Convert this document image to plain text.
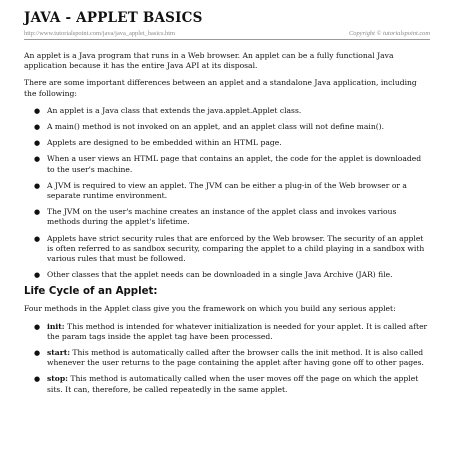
JAVA - APPLET BASICS
http://www.tutorialspoint.com/java/java_applet_basics.htm	Copyright © tutorialspoint.com

An applet is a Java program that runs in a Web browser. An applet can be a fully functional Java application because it has the entire Java API at its disposal.

There are some important differences between an applet and a standalone Java application, including the following:

● An applet is a Java class that extends the java.applet.Applet class.
● A main() method is not invoked on an applet, and an applet class will not define main().
● Applets are designed to be embedded within an HTML page.
● When a user views an HTML page that contains an applet, the code for the applet is downloaded to the user's machine.
● A JVM is required to view an applet. The JVM can be either a plug-in of the Web browser or a separate runtime environment.
● The JVM on the user's machine creates an instance of the applet class and invokes various methods during the applet's lifetime.
● Applets have strict security rules that are enforced by the Web browser. The security of an applet is often referred to as sandbox security, comparing the applet to a child playing in a sandbox with various rules that must be followed.
● Other classes that the applet needs can be downloaded in a single Java Archive (JAR) file.
Life Cycle of an Applet:

Four methods in the Applet class give you the framework on which you build any serious applet:

● init: This method is intended for whatever initialization is needed for your applet. It is called after the param tags inside the applet tag have been processed.
● start: This method is automatically called after the browser calls the init method. It is also called whenever the user returns to the page containing the applet after having gone off to other pages.
● stop: This method is automatically called when the user moves off the page on which the applet sits. It can, therefore, be called repeatedly in the same applet.
